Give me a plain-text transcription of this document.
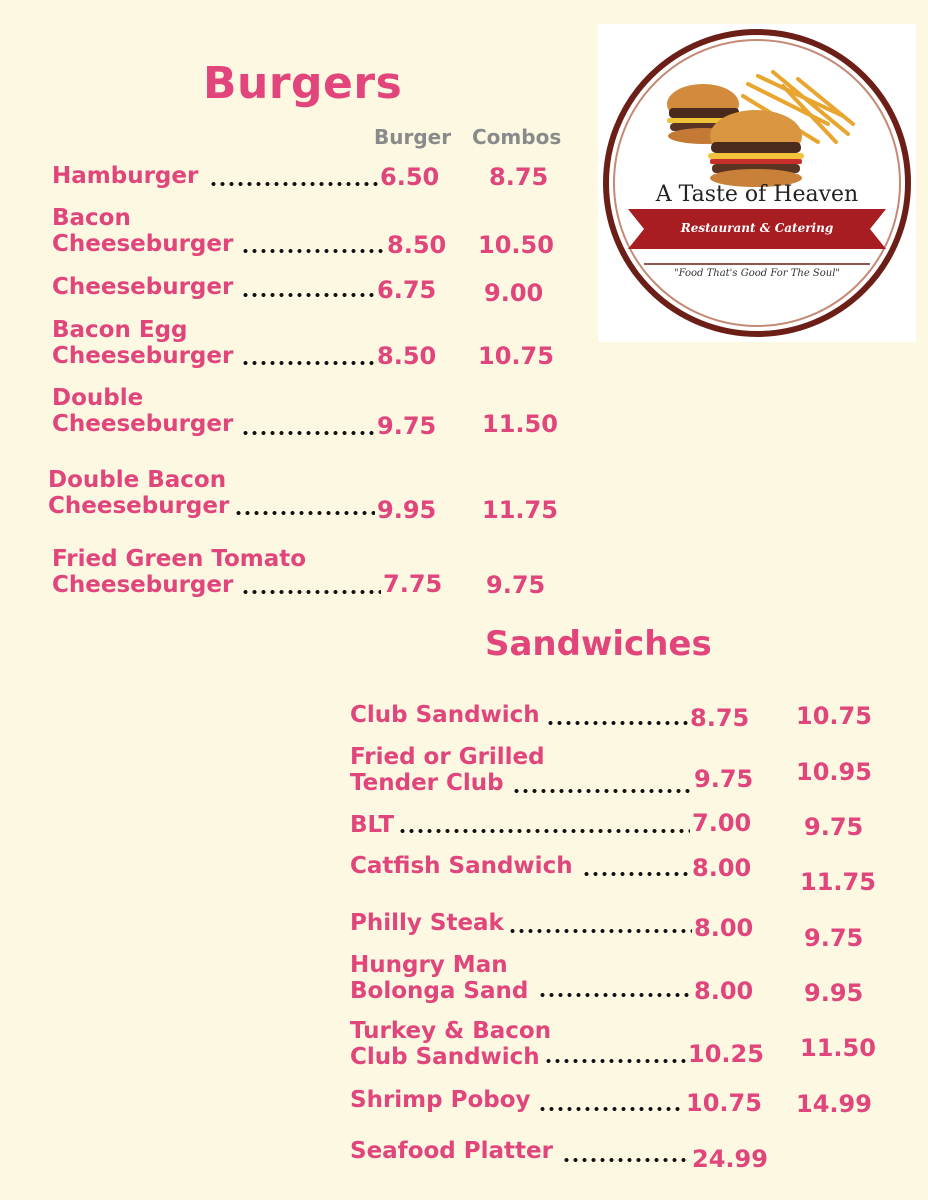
Burgers
Burger Combos
Sandwiches
Hamburger	6.50 8.75
Bacon
Cheeseburger	8.50 10.50
Cheeseburger	6.75 9.00
Bacon Egg
Cheeseburger	8.50 10.75
Double
Cheeseburger	9.75 11.50
Double Bacon
Cheeseburger	9.95 11.75
Fried Green Tomato
Cheeseburger	7.75 9.75
Club Sandwich	8.75 10.75
Fried or Grilled
Tender Club	9.75 10.95
BLT	7.00 9.75
Catfish Sandwich	8.00 11.75
Philly Steak	8.00 9.75
Hungry Man
Bolonga Sand	8.00 9.95
Turkey & Bacon
Club Sandwich	10.25 11.50
Shrimp Poboy	10.75 14.99
Seafood Platter	24.99
A Taste of Heaven
Restaurant & Catering
"Food That's Good For The Soul"
